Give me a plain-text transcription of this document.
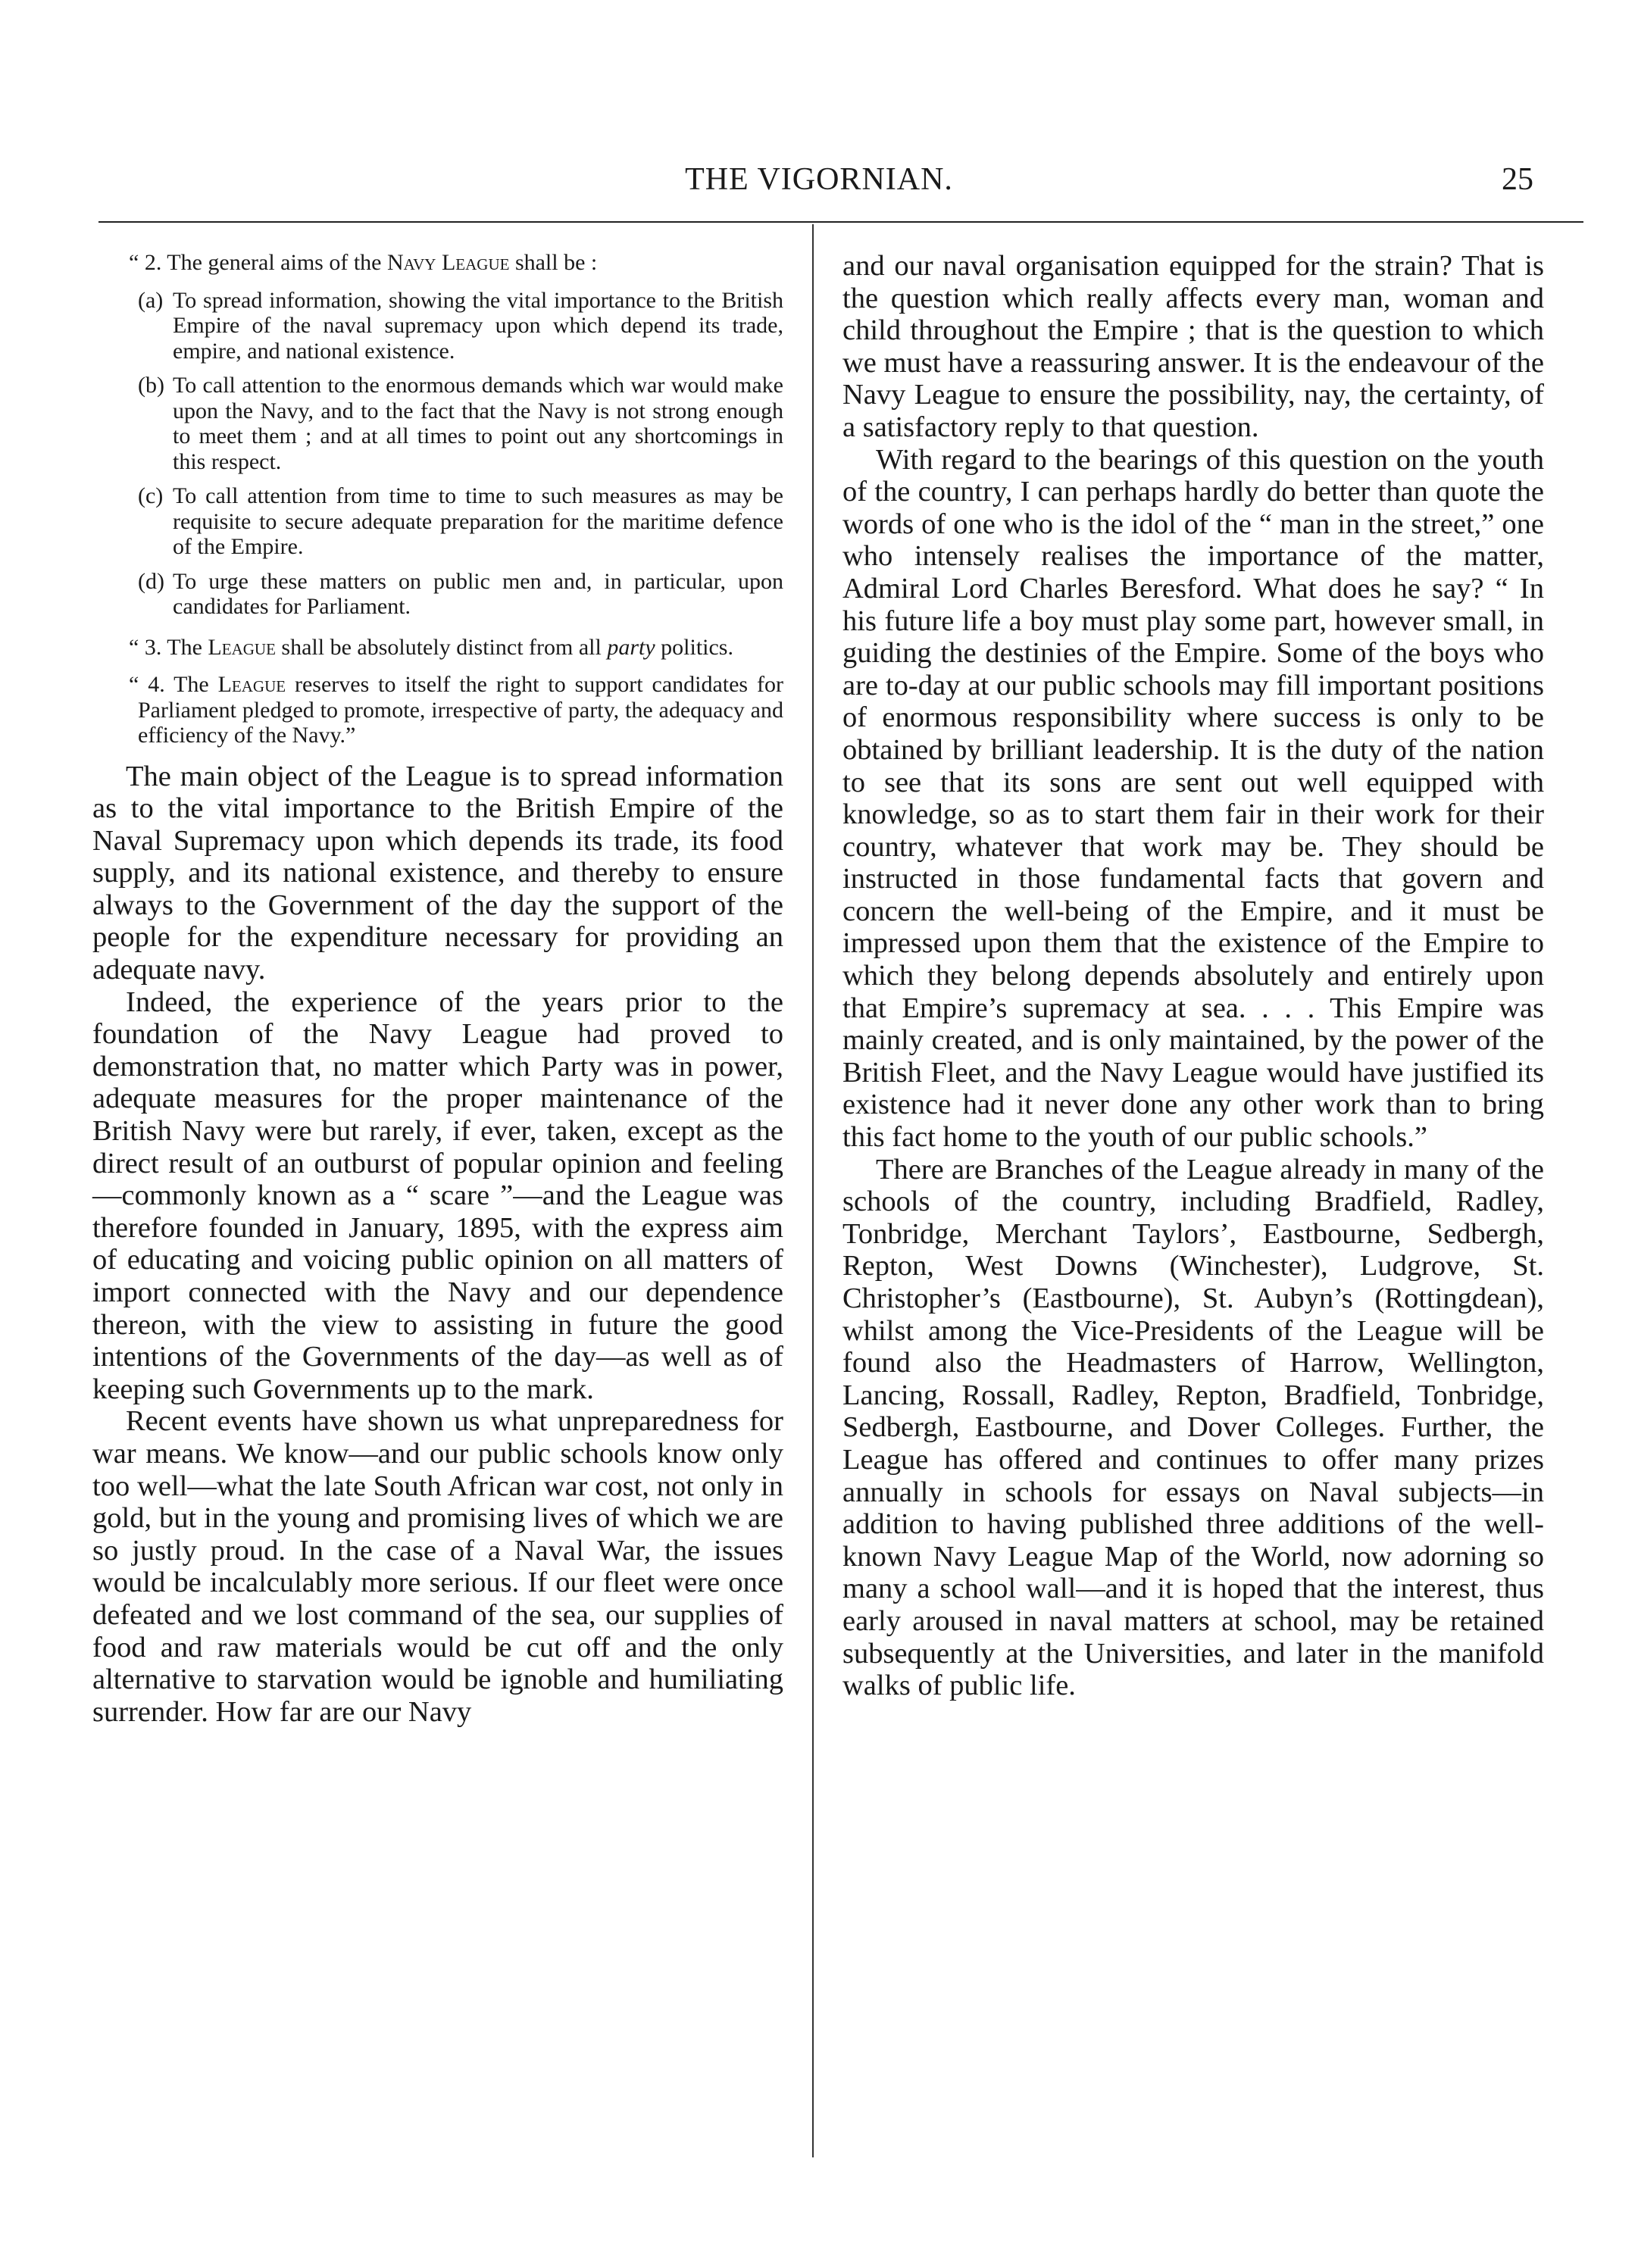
THE VIGORNIAN.	25

“ 2. The general aims of the Navy League shall be :

(a) To spread information, showing the vital importance to the British Empire of the naval supremacy upon which depend its trade, empire, and national existence.
(b) To call attention to the enormous demands which war would make upon the Navy, and to the fact that the Navy is not strong enough to meet them ; and at all times to point out any shortcomings in this respect.
(c) To call attention from time to time to such measures as may be requisite to secure adequate preparation for the maritime defence of the Empire.
(d) To urge these matters on public men and, in particular, upon candidates for Parliament.

“ 3. The League shall be absolutely distinct from all party politics.

“ 4. The League reserves to itself the right to support candidates for Parliament pledged to promote, irrespective of party, the adequacy and efficiency of the Navy.”

The main object of the League is to spread information as to the vital importance to the British Empire of the Naval Supremacy upon which depends its trade, its food supply, and its national existence, and thereby to ensure always to the Government of the day the support of the people for the expenditure necessary for providing an adequate navy.

Indeed, the experience of the years prior to the foundation of the Navy League had proved to demonstration that, no matter which Party was in power, adequate measures for the proper maintenance of the British Navy were but rarely, if ever, taken, except as the direct result of an outburst of popular opinion and feeling—commonly known as a “ scare ”—and the League was therefore founded in January, 1895, with the express aim of educating and voicing public opinion on all matters of import connected with the Navy and our dependence thereon, with the view to assisting in future the good intentions of the Governments of the day—as well as of keeping such Governments up to the mark.

Recent events have shown us what unpreparedness for war means. We know—and our public schools know only too well—what the late South African war cost, not only in gold, but in the young and promising lives of which we are so justly proud. In the case of a Naval War, the issues would be incalculably more serious. If our fleet were once defeated and we lost command of the sea, our supplies of food and raw materials would be cut off and the only alternative to starvation would be ignoble and humiliating surrender. How far are our Navy

and our naval organisation equipped for the strain? That is the question which really affects every man, woman and child throughout the Empire ; that is the question to which we must have a reassuring answer. It is the endeavour of the Navy League to ensure the possibility, nay, the certainty, of a satisfactory reply to that question.

With regard to the bearings of this question on the youth of the country, I can perhaps hardly do better than quote the words of one who is the idol of the “ man in the street,” one who intensely realises the importance of the matter, Admiral Lord Charles Beresford. What does he say? “ In his future life a boy must play some part, however small, in guiding the destinies of the Empire. Some of the boys who are to-day at our public schools may fill important positions of enormous responsibility where success is only to be obtained by brilliant leadership. It is the duty of the nation to see that its sons are sent out well equipped with knowledge, so as to start them fair in their work for their country, whatever that work may be. They should be instructed in those fundamental facts that govern and concern the well-being of the Empire, and it must be impressed upon them that the existence of the Empire to which they belong depends absolutely and entirely upon that Empire’s supremacy at sea. . . . This Empire was mainly created, and is only maintained, by the power of the British Fleet, and the Navy League would have justified its existence had it never done any other work than to bring this fact home to the youth of our public schools.”

There are Branches of the League already in many of the schools of the country, including Bradfield, Radley, Tonbridge, Merchant Taylors’, Eastbourne, Sedbergh, Repton, West Downs (Winchester), Ludgrove, St. Christopher’s (Eastbourne), St. Aubyn’s (Rottingdean), whilst among the Vice-Presidents of the League will be found also the Headmasters of Harrow, Wellington, Lancing, Rossall, Radley, Repton, Bradfield, Tonbridge, Sedbergh, Eastbourne, and Dover Colleges. Further, the League has offered and continues to offer many prizes annually in schools for essays on Naval subjects—in addition to having published three additions of the well-known Navy League Map of the World, now adorning so many a school wall—and it is hoped that the interest, thus early aroused in naval matters at school, may be retained subsequently at the Universities, and later in the manifold walks of public life.
